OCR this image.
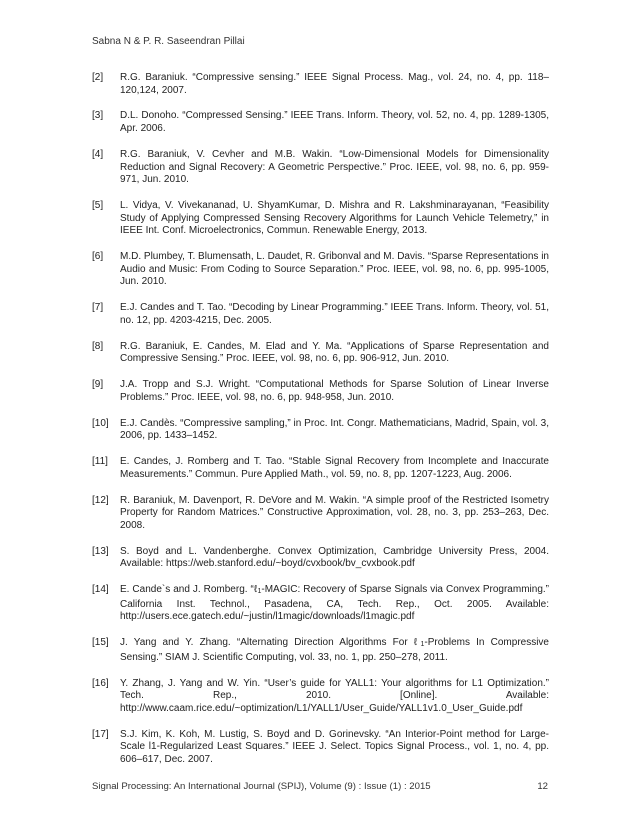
Sabna N & P. R. Saseendran Pillai
[2]	R.G. Baraniuk. “Compressive sensing.” IEEE Signal Process. Mag., vol. 24, no. 4, pp. 118–120,124, 2007.
[3]	D.L. Donoho. “Compressed Sensing.” IEEE Trans. Inform. Theory, vol. 52, no. 4, pp. 1289-1305, Apr. 2006.
[4]	R.G. Baraniuk, V. Cevher and M.B. Wakin. “Low-Dimensional Models for Dimensionality Reduction and Signal Recovery: A Geometric Perspective.” Proc. IEEE, vol. 98, no. 6, pp. 959-971, Jun. 2010.
[5]	L. Vidya, V. Vivekananad, U. ShyamKumar, D. Mishra and R. Lakshminarayanan, “Feasibility Study of Applying Compressed Sensing Recovery Algorithms for Launch Vehicle Telemetry,” in IEEE Int. Conf. Microelectronics, Commun. Renewable Energy, 2013.
[6]	M.D. Plumbey, T. Blumensath, L. Daudet, R. Gribonval and M. Davis. “Sparse Representations in Audio and Music: From Coding to Source Separation.” Proc. IEEE, vol. 98, no. 6, pp. 995-1005, Jun. 2010.
[7]	E.J. Candes and T. Tao. “Decoding by Linear Programming.” IEEE Trans. Inform. Theory, vol. 51, no. 12, pp. 4203-4215, Dec. 2005.
[8]	R.G. Baraniuk, E. Candes, M. Elad and Y. Ma. “Applications of Sparse Representation and Compressive Sensing.” Proc. IEEE, vol. 98, no. 6, pp. 906-912, Jun. 2010.
[9]	J.A. Tropp and S.J. Wright. “Computational Methods for Sparse Solution of Linear Inverse Problems.” Proc. IEEE, vol. 98, no. 6, pp. 948-958, Jun. 2010.
[10]	E.J. Candès. “Compressive sampling,” in Proc. Int. Congr. Mathematicians, Madrid, Spain, vol. 3, 2006, pp. 1433–1452.
[11]	E. Candes, J. Romberg and T. Tao. “Stable Signal Recovery from Incomplete and Inaccurate Measurements.” Commun. Pure Applied Math., vol. 59, no. 8, pp. 1207-1223, Aug. 2006.
[12]	R. Baraniuk, M. Davenport, R. DeVore and M. Wakin. “A simple proof of the Restricted Isometry Property for Random Matrices.” Constructive Approximation, vol. 28, no. 3, pp. 253–263, Dec. 2008.
[13]	S. Boyd and L. Vandenberghe. Convex Optimization, Cambridge University Press, 2004. Available: https://web.stanford.edu/~boyd/cvxbook/bv_cvxbook.pdf
[14]	E. Cande`s and J. Romberg. “ℓ1-MAGIC: Recovery of Sparse Signals via Convex Programming.” California Inst. Technol., Pasadena, CA, Tech. Rep., Oct. 2005. Available: http://users.ece.gatech.edu/~justin/l1magic/downloads/l1magic.pdf
[15]	J. Yang and Y. Zhang. “Alternating Direction Algorithms For ℓ1-Problems In Compressive Sensing.” SIAM J. Scientific Computing, vol. 33, no. 1, pp. 250–278, 2011.
[16]	Y. Zhang, J. Yang and W. Yin. “User’s guide for YALL1: Your algorithms for L1 Optimization.” Tech. Rep., 2010. [Online]. Available: http://www.caam.rice.edu/~optimization/L1/YALL1/User_Guide/YALL1v1.0_User_Guide.pdf
[17]	S.J. Kim, K. Koh, M. Lustig, S. Boyd and D. Gorinevsky. “An Interior-Point method for Large-Scale l1-Regularized Least Squares.” IEEE J. Select. Topics Signal Process., vol. 1, no. 4, pp. 606–617, Dec. 2007.
Signal Processing: An International Journal (SPIJ), Volume (9) : Issue (1) : 2015	12
